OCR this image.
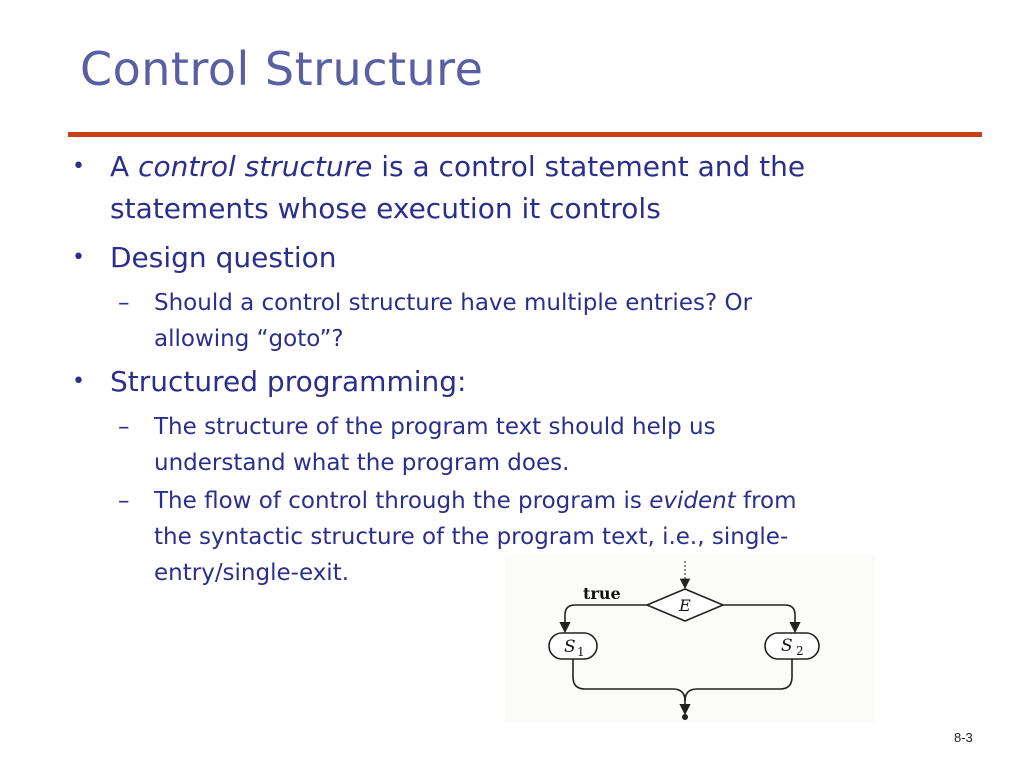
Control Structure
• A control structure is a control statement and the
statements whose execution it controls
• Design question
–	Should a control structure have multiple entries? Or
allowing “goto”?
• Structured programming:
–	The structure of the program text should help us
understand what the program does.
–	The flow of control through the program is evident from
the syntactic structure of the program text, i.e., single-
entry/single-exit.
E
true
S 1	S 2
8-3
